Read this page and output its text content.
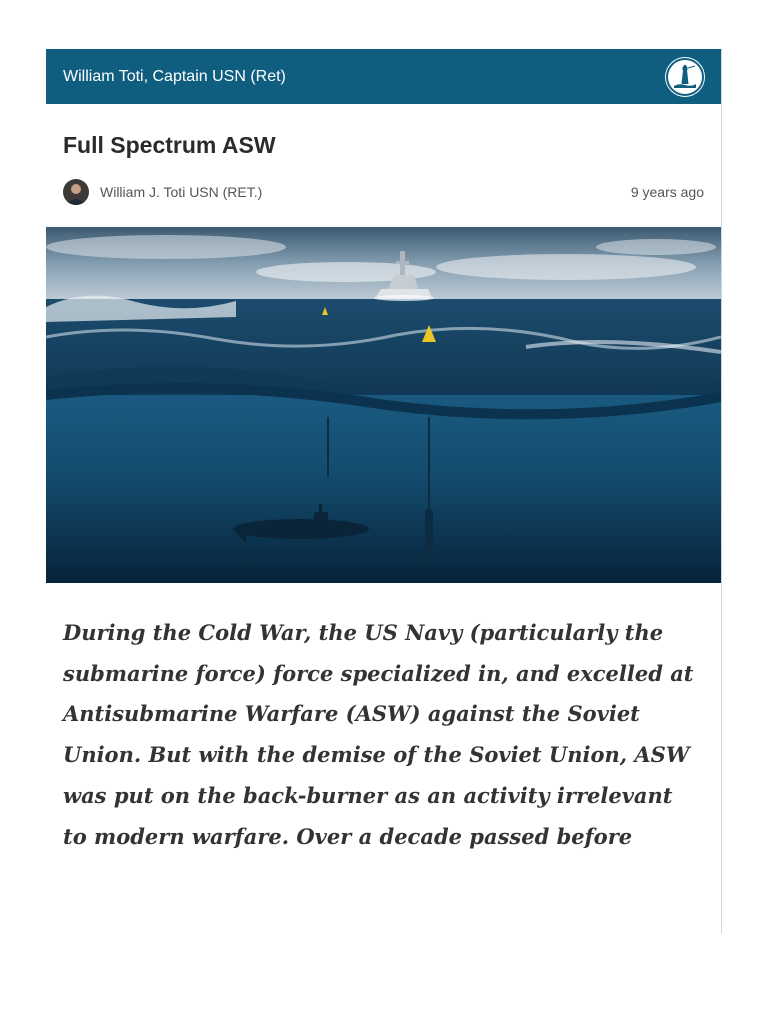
William Toti, Captain USN (Ret)
Full Spectrum ASW
William J. Toti USN (RET.)	9 years ago
During the Cold War, the US Navy (particularly the submarine force) force specialized in, and excelled at Antisubmarine Warfare (ASW) against the Soviet Union. But with the demise of the Soviet Union, ASW was put on the back-burner as an activity irrelevant to modern warfare. Over a decade passed before
